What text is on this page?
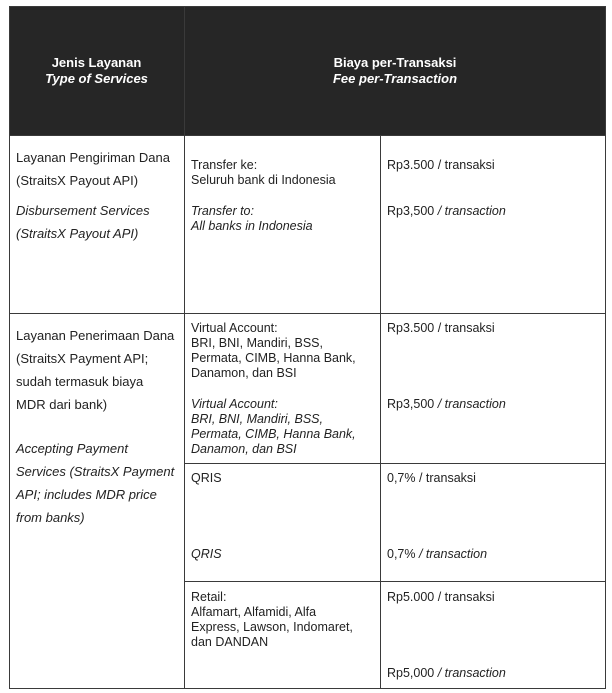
Jenis Layanan
Type of Services
Biaya per-Transaksi
Fee per-Transaction
Layanan Pengiriman Dana
(StraitsX Payout API)
Disbursement Services
(StraitsX Payout API)
Transfer ke:
Seluruh bank di Indonesia
Transfer to:
All banks in Indonesia
Rp3.500 / transaksi
Rp3,500 / transaction
Layanan Penerimaan Dana
(StraitsX Payment API;
sudah termasuk biaya
MDR dari bank)
Accepting Payment
Services (StraitsX Payment
API; includes MDR price
from banks)
Virtual Account:
BRI, BNI, Mandiri, BSS,
Permata, CIMB, Hanna Bank,
Danamon, dan BSI
Virtual Account:
BRI, BNI, Mandiri, BSS,
Permata, CIMB, Hanna Bank,
Danamon, dan BSI
Rp3.500 / transaksi
Rp3,500 / transaction
QRIS
QRIS
0,7% / transaksi
0,7% / transaction
Retail:
Alfamart, Alfamidi, Alfa
Express, Lawson, Indomaret,
dan DANDAN
Rp5.000 / transaksi
Rp5,000 / transaction
